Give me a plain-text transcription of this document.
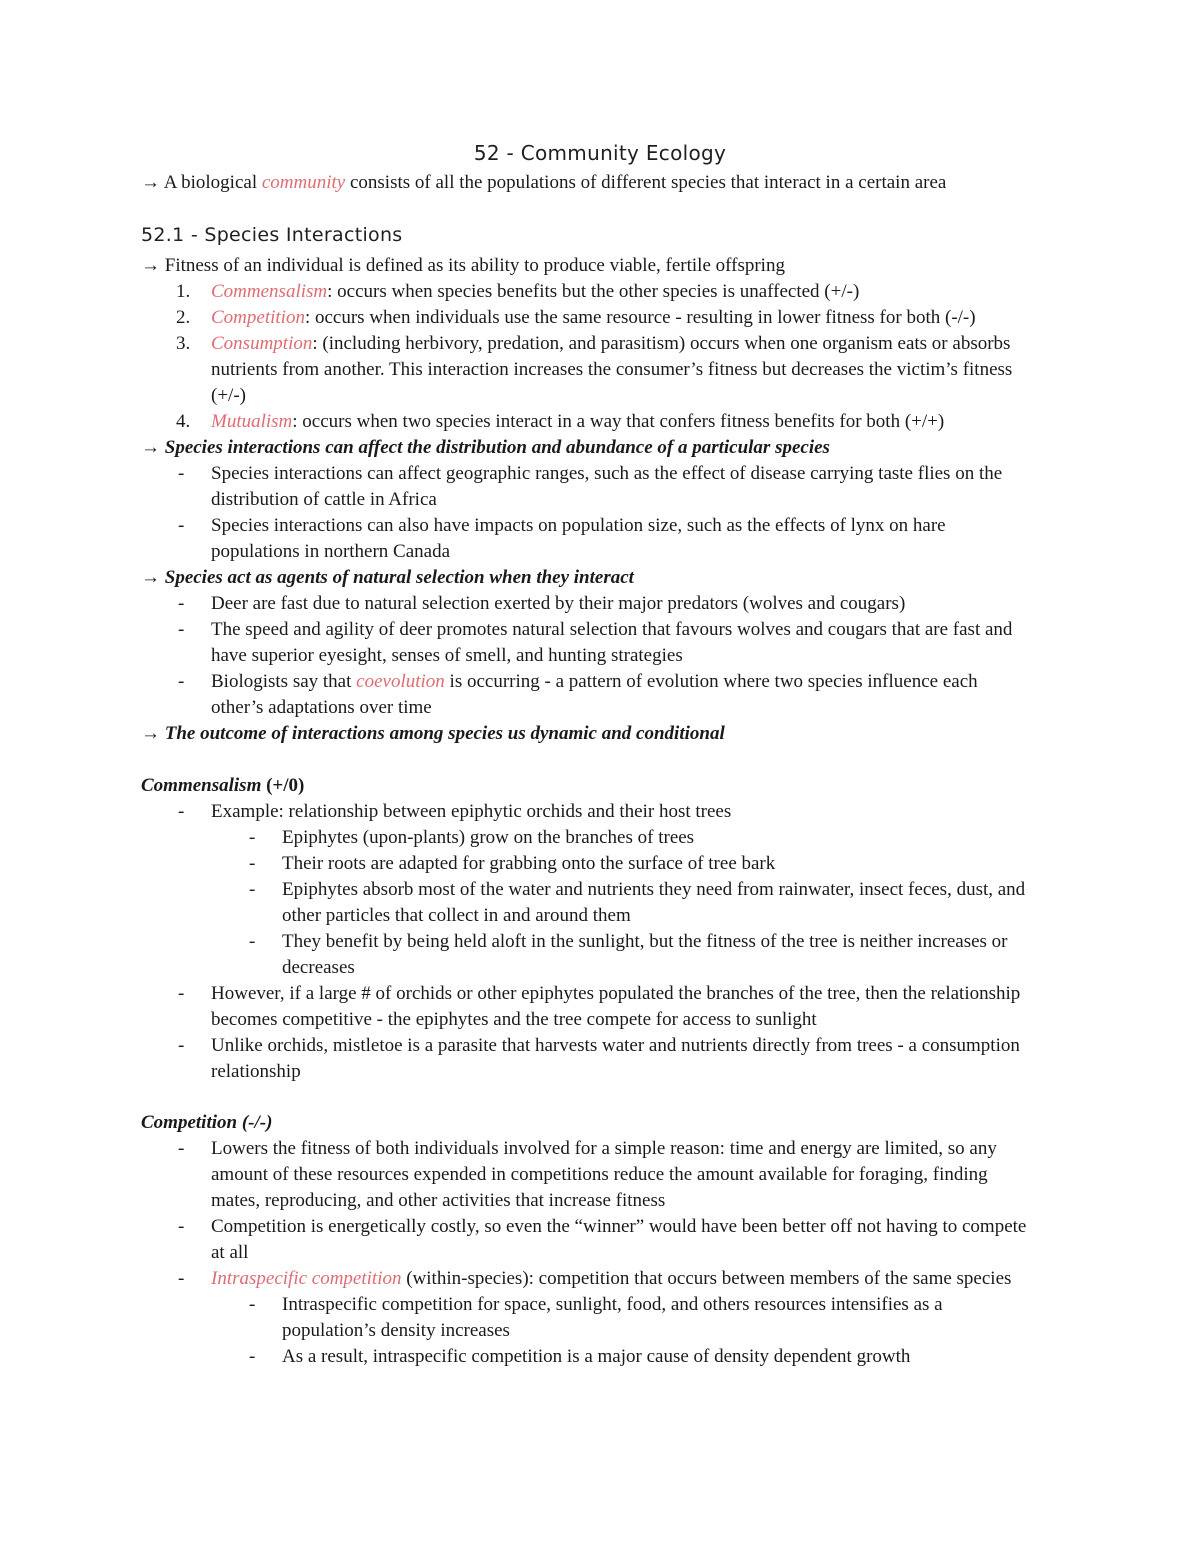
52 - Community Ecology
→ A biological community consists of all the populations of different species that interact in a certain area
52.1 - Species Interactions
→ Fitness of an individual is defined as its ability to produce viable, fertile offspring
1.	Commensalism: occurs when species benefits but the other species is unaffected (+/-)
2.	Competition: occurs when individuals use the same resource - resulting in lower fitness for both (-/-)
3.	Consumption: (including herbivory, predation, and parasitism) occurs when one organism eats or absorbs
nutrients from another. This interaction increases the consumer’s fitness but decreases the victim’s fitness
(+/-)
4.	Mutualism: occurs when two species interact in a way that confers fitness benefits for both (+/+)
→ Species interactions can affect the distribution and abundance of a particular species
- Species interactions can affect geographic ranges, such as the effect of disease carrying taste flies on the
distribution of cattle in Africa
- Species interactions can also have impacts on population size, such as the effects of lynx on hare
populations in northern Canada
→ Species act as agents of natural selection when they interact
- Deer are fast due to natural selection exerted by their major predators (wolves and cougars)
- The speed and agility of deer promotes natural selection that favours wolves and cougars that are fast and
have superior eyesight, senses of smell, and hunting strategies
- Biologists say that coevolution is occurring - a pattern of evolution where two species influence each
other’s adaptations over time
→ The outcome of interactions among species us dynamic and conditional
Commensalism (+/0)
- Example: relationship between epiphytic orchids and their host trees
- Epiphytes (upon-plants) grow on the branches of trees
- Their roots are adapted for grabbing onto the surface of tree bark
- Epiphytes absorb most of the water and nutrients they need from rainwater, insect feces, dust, and
other particles that collect in and around them
- They benefit by being held aloft in the sunlight, but the fitness of the tree is neither increases or
decreases
- However, if a large # of orchids or other epiphytes populated the branches of the tree, then the relationship
becomes competitive - the epiphytes and the tree compete for access to sunlight
- Unlike orchids, mistletoe is a parasite that harvests water and nutrients directly from trees - a consumption
relationship
Competition (-/-)
- Lowers the fitness of both individuals involved for a simple reason: time and energy are limited, so any
amount of these resources expended in competitions reduce the amount available for foraging, finding
mates, reproducing, and other activities that increase fitness
- Competition is energetically costly, so even the “winner” would have been better off not having to compete
at all
- Intraspecific competition (within-species): competition that occurs between members of the same species
- Intraspecific competition for space, sunlight, food, and others resources intensifies as a
population’s density increases
- As a result, intraspecific competition is a major cause of density dependent growth
